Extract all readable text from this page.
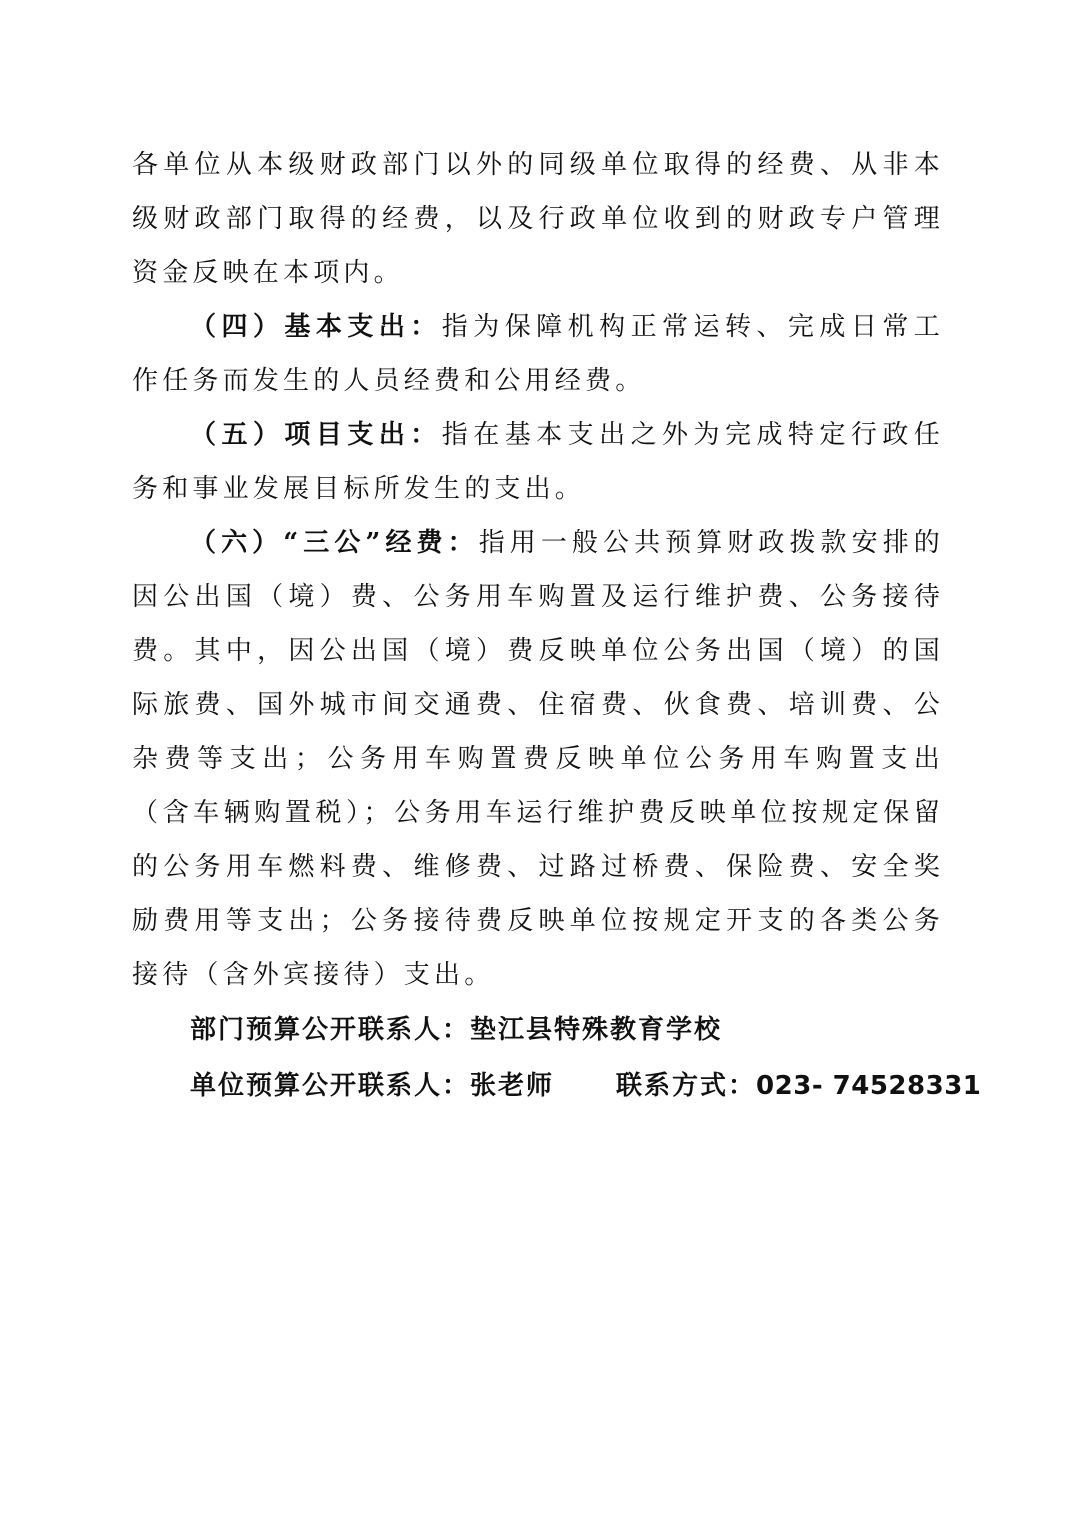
各单位从本级财政部门以外的同级单位取得的经费、从非本级财政部门取得的经费，以及行政单位收到的财政专户管理资金反映在本项内。

（四）基本支出：指为保障机构正常运转、完成日常工作任务而发生的人员经费和公用经费。

（五）项目支出：指在基本支出之外为完成特定行政任务和事业发展目标所发生的支出。

（六）“三公”经费：指用一般公共预算财政拨款安排的因公出国（境）费、公务用车购置及运行维护费、公务接待费。其中，因公出国（境）费反映单位公务出国（境）的国际旅费、国外城市间交通费、住宿费、伙食费、培训费、公杂费等支出；公务用车购置费反映单位公务用车购置支出（含车辆购置税）；公务用车运行维护费反映单位按规定保留的公务用车燃料费、维修费、过路过桥费、保险费、安全奖励费用等支出；公务接待费反映单位按规定开支的各类公务接待（含外宾接待）支出。

部门预算公开联系人：垫江县特殊教育学校

单位预算公开联系人：张老师 联系方式：023- 74528331
